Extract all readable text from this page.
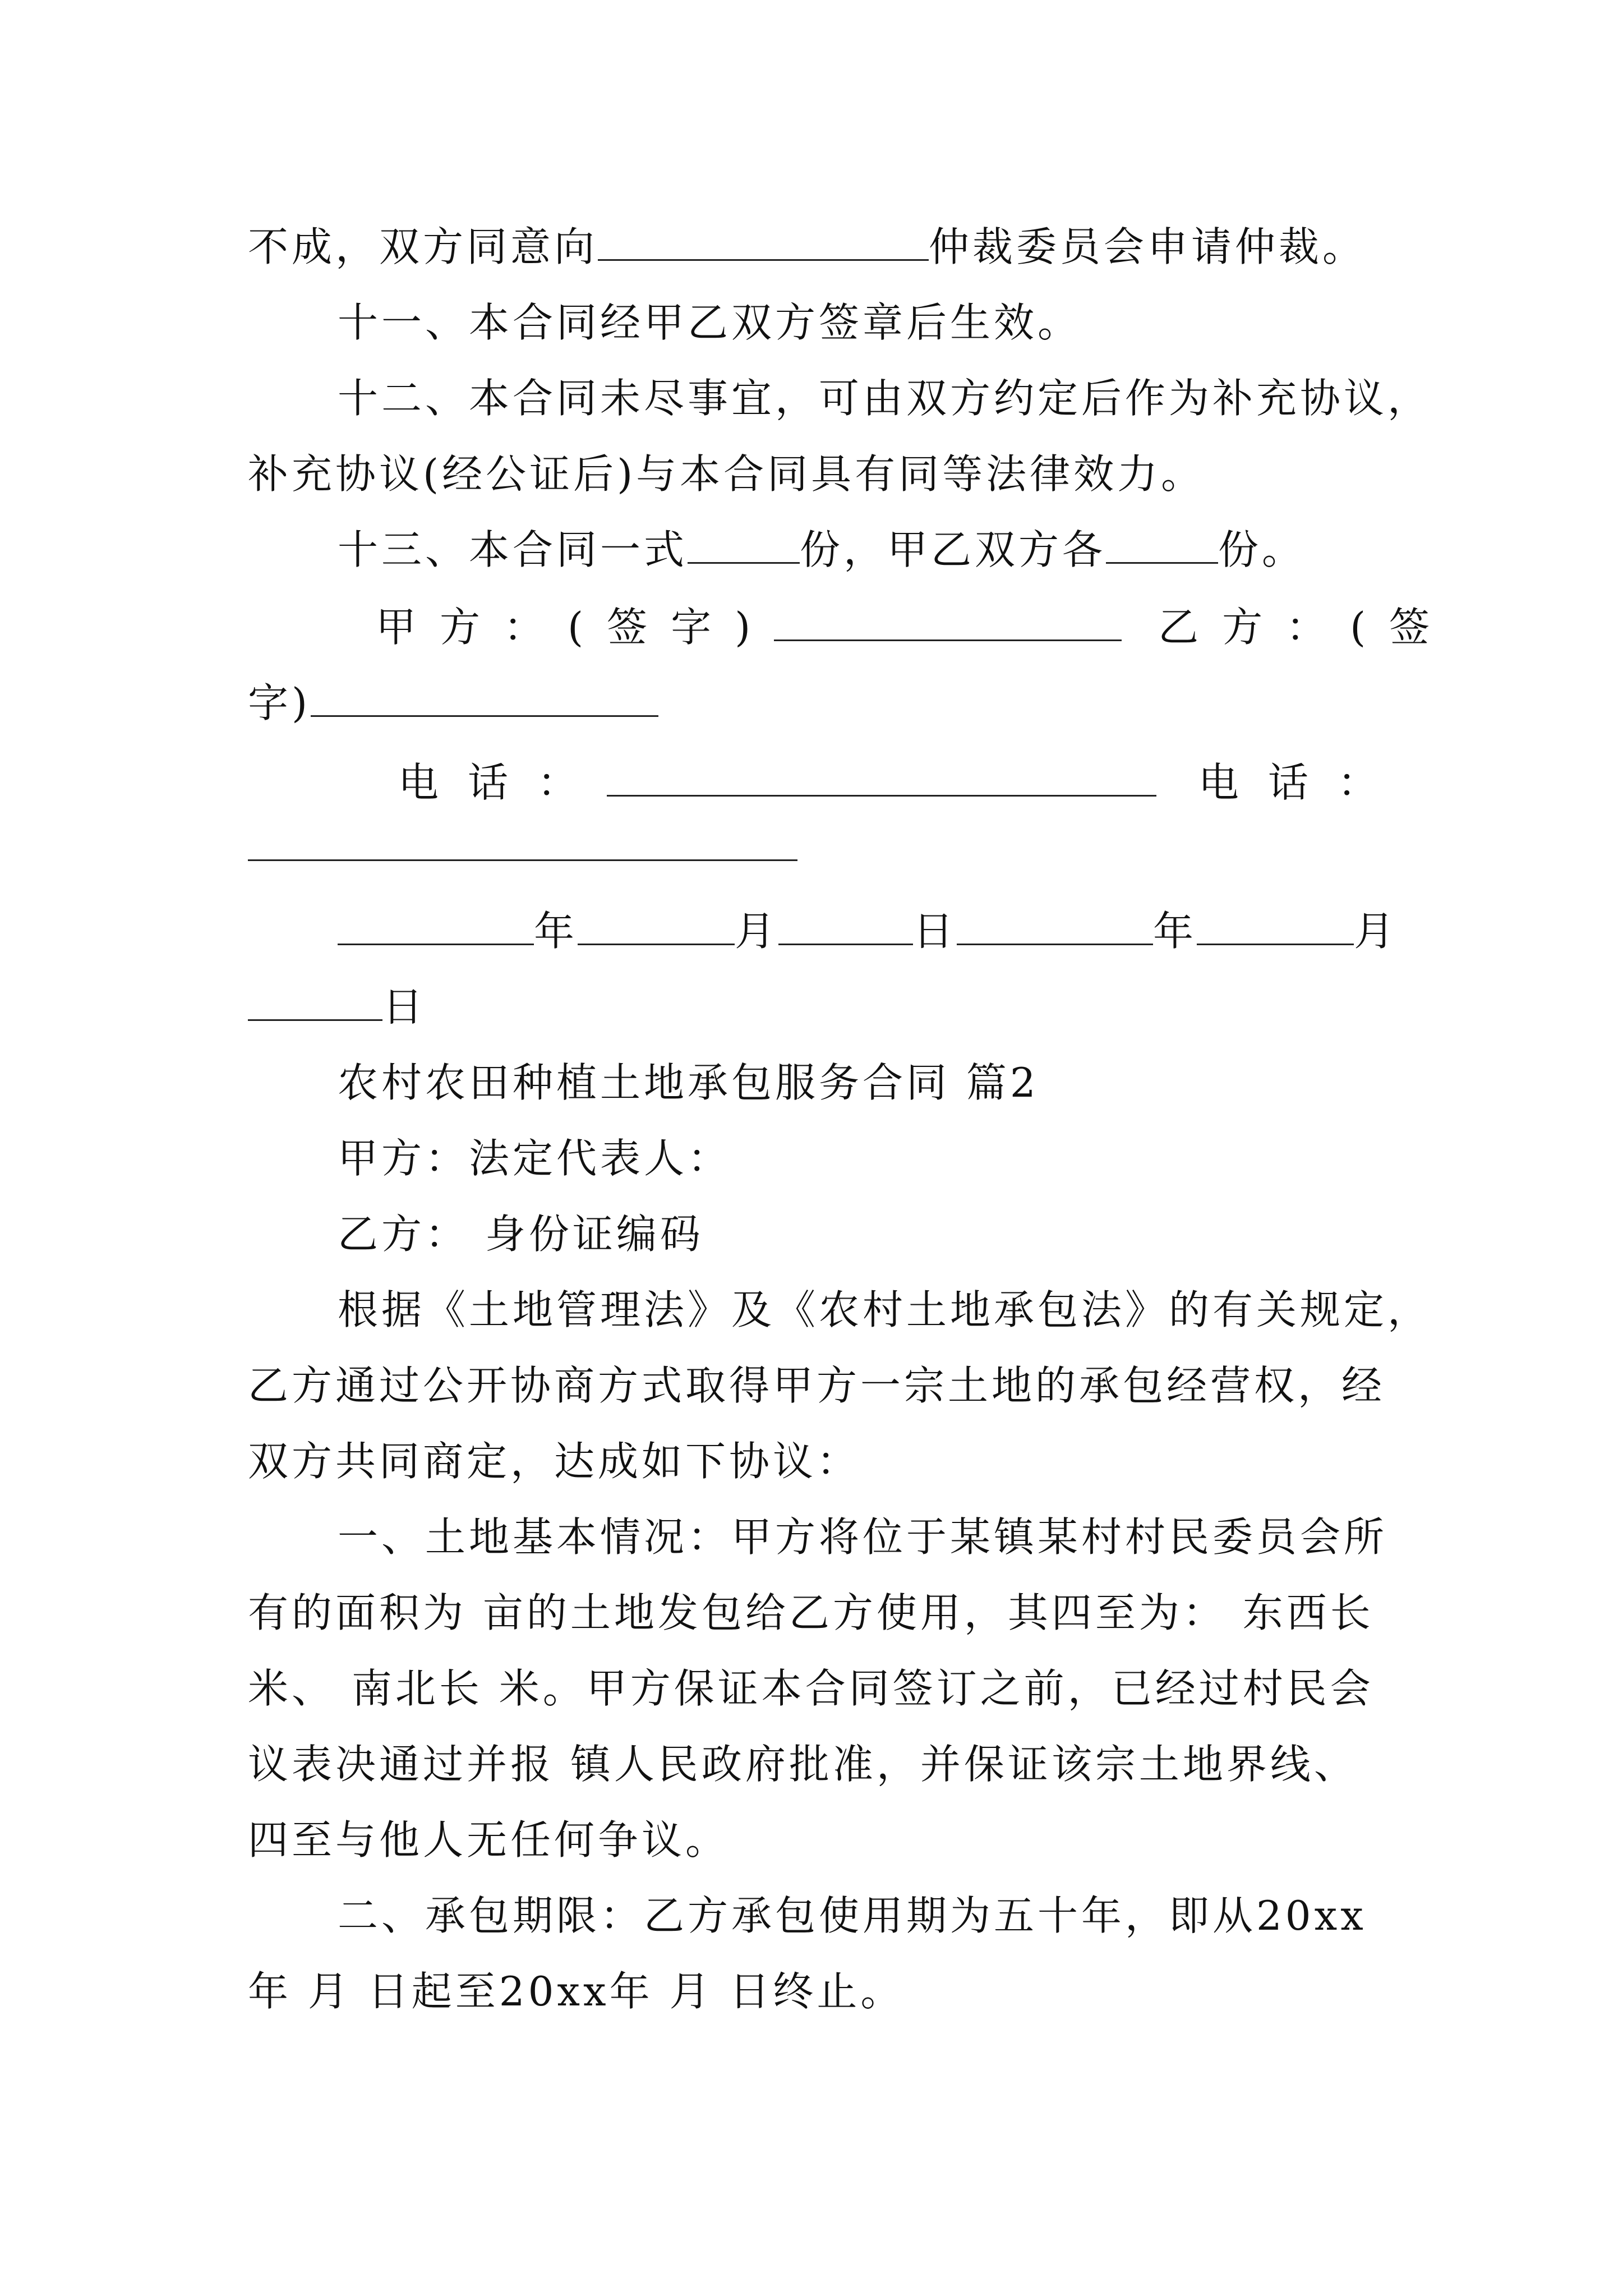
不成，双方同意向	仲裁委员会申请仲裁。
十一、本合同经甲乙双方签章后生效。
十二、本合同未尽事宜，可由双方约定后作为补充协议，
补充协议(经公证后)与本合同具有同等法律效力。
十三、本合同一式	份，甲乙双方各	份。
甲方：(签字)	乙方：(签
字)
电话：	电话：
年	月	日	年	月
日
农村农田种植土地承包服务合同 篇2
甲方：法定代表人：
乙方： 身份证编码
根据《土地管理法》及《农村土地承包法》的有关规定，
乙方通过公开协商方式取得甲方一宗土地的承包经营权，经
双方共同商定，达成如下协议：
一、土地基本情况：甲方将位于某镇某村村民委员会所
有的面积为 亩的土地发包给乙方使用，其四至为： 东西长
米、 南北长 米。甲方保证本合同签订之前，已经过村民会
议表决通过并报 镇人民政府批准，并保证该宗土地界线、
四至与他人无任何争议。
二、承包期限：乙方承包使用期为五十年，即从20xx
年 月 日起至20xx年 月 日终止。
